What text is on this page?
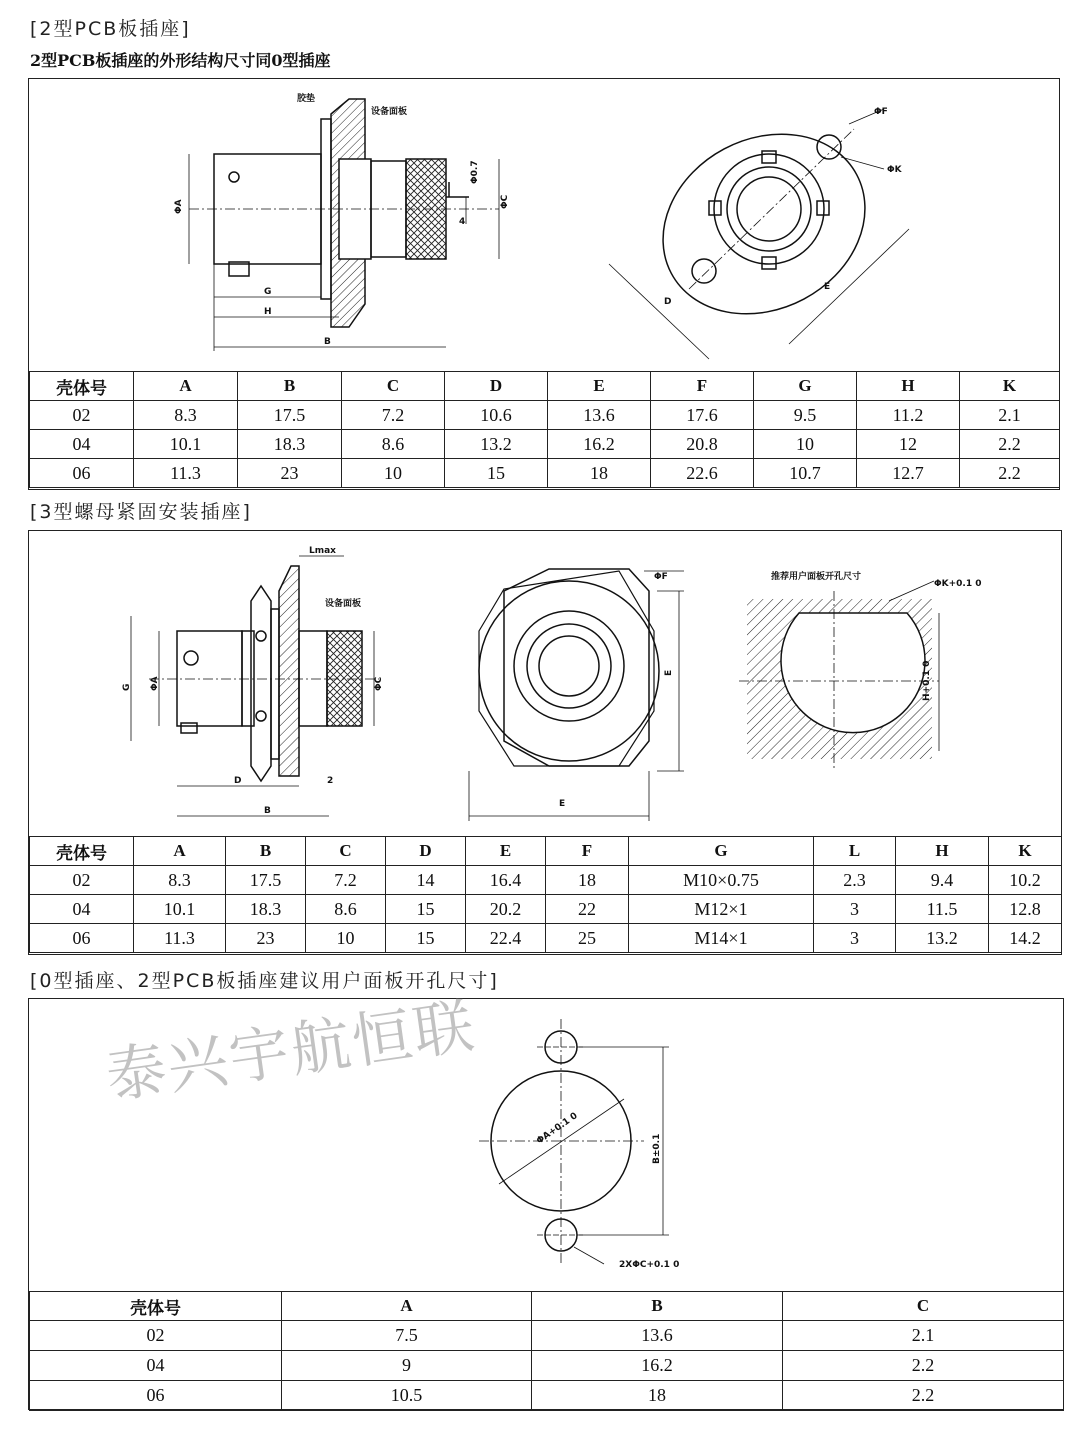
[2型PCB板插座]
2型PCB板插座的外形结构尺寸同0型插座
胶垫
设备面板
ΦA	ΦC
Φ0.7
4
G
H
B
ΦF
ΦK
D
E
壳体号	A	B	C	D	E	F	G	H	K
02	8.3	17.5	7.2	10.6	13.6	17.6	9.5	11.2	2.1
04	10.1	18.3	8.6	13.2	16.2	20.8	10	12	2.2
06	11.3	23	10	15	18	22.6	10.7	12.7	2.2
[3型螺母紧固安装插座]
Lmax
设备面板
G ΦA	ΦC
D	2
B
ΦF
E
E
推荐用户面板开孔尺寸
ΦK+0.1 0
H+0.1 0
壳体号	A	B	C	D	E	F	G	L	H	K
02	8.3	17.5	7.2	14	16.4	18	M10×0.75	2.3	9.4	10.2
04	10.1	18.3	8.6	15	20.2	22	M12×1	3	11.5	12.8
06	11.3	23	10	15	22.4	25	M14×1	3	13.2	14.2
[0型插座、2型PCB板插座建议用户面板开孔尺寸]
ΦA+0.1 0
B±0.1
2XΦC+0.1 0
壳体号	A	B	C
02	7.5	13.6	2.1
04	9	16.2	2.2
06	10.5	18	2.2
泰兴宇航恒联
